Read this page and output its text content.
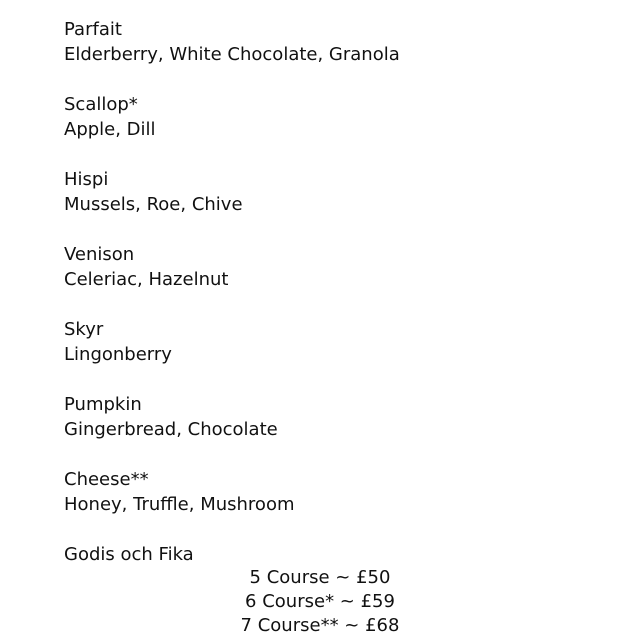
Parfait
Elderberry, White Chocolate, Granola
Scallop*
Apple, Dill
Hispi
Mussels, Roe, Chive
Venison
Celeriac, Hazelnut
Skyr
Lingonberry
Pumpkin
Gingerbread, Chocolate
Cheese**
Honey, Truffle, Mushroom
Godis och Fika
5 Course ~ £50
6 Course* ~ £59
7 Course** ~ £68
